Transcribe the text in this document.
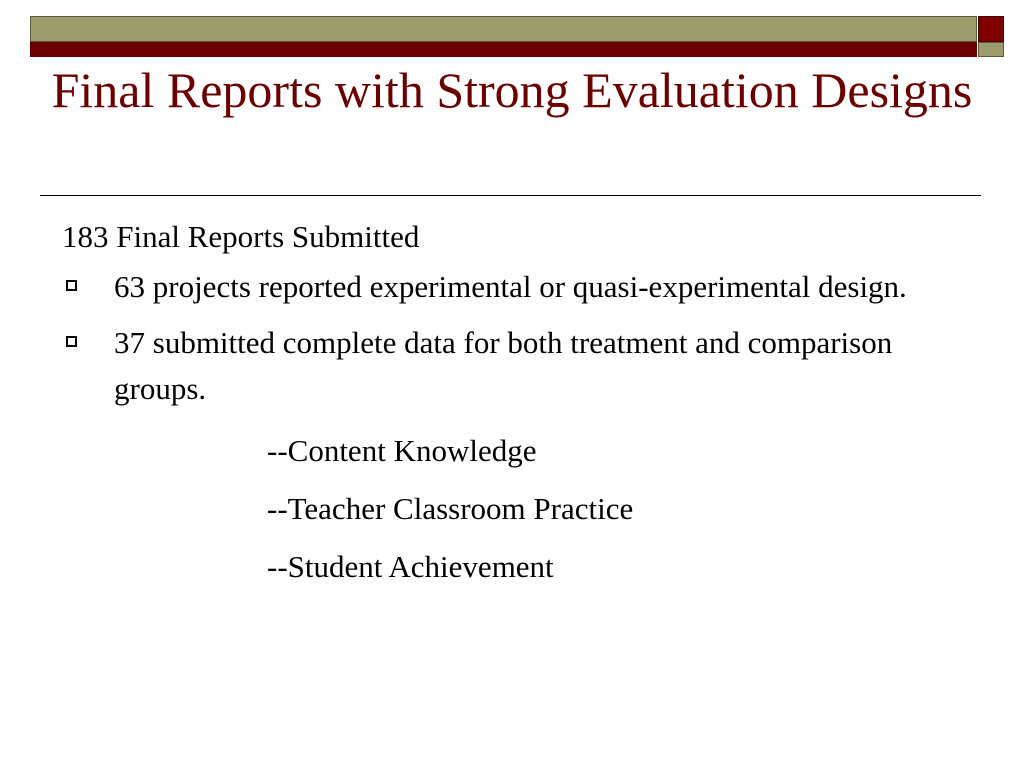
Final Reports with Strong Evaluation Designs

183 Final Reports Submitted

63 projects reported experimental or quasi-experimental design.
37 submitted complete data for both treatment and comparison groups.

--Content Knowledge

--Teacher Classroom Practice

--Student Achievement
